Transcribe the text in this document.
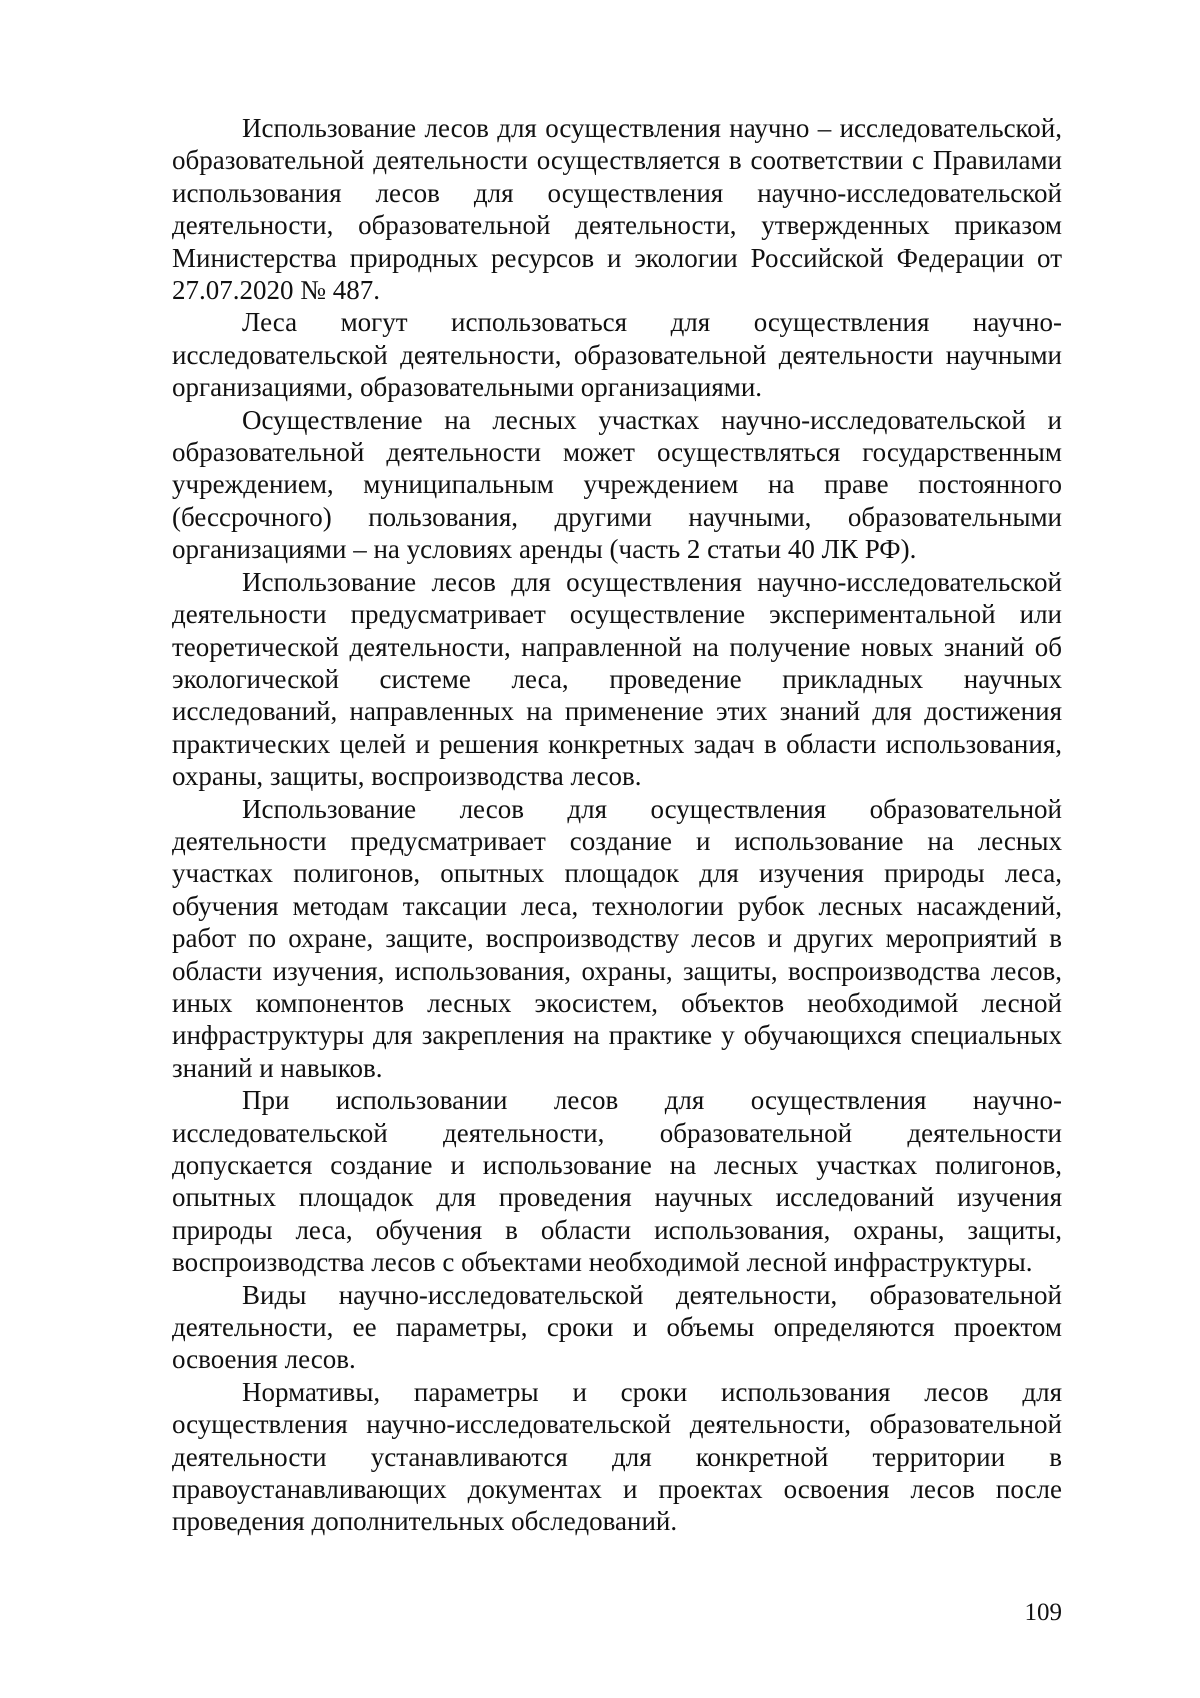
Использование лесов для осуществления научно – исследовательской, образовательной деятельности осуществляется в соответствии с Правилами использования лесов для осуществления научно-исследовательской деятельности, образовательной деятельности, утвержденных приказом Министерства природных ресурсов и экологии Российской Федерации от 27.07.2020 № 487.

Леса могут использоваться для осуществления научно-исследовательской деятельности, образовательной деятельности научными организациями, образовательными организациями.

Осуществление на лесных участках научно-исследовательской и образовательной деятельности может осуществляться государственным учреждением, муниципальным учреждением на праве постоянного (бессрочного) пользования, другими научными, образовательными организациями – на условиях аренды (часть 2 статьи 40 ЛК РФ).

Использование лесов для осуществления научно-исследовательской деятельности предусматривает осуществление экспериментальной или теоретической деятельности, направленной на получение новых знаний об экологической системе леса, проведение прикладных научных исследований, направленных на применение этих знаний для достижения практических целей и решения конкретных задач в области использования, охраны, защиты, воспроизводства лесов.

Использование лесов для осуществления образовательной деятельности предусматривает создание и использование на лесных участках полигонов, опытных площадок для изучения природы леса, обучения методам таксации леса, технологии рубок лесных насаждений, работ по охране, защите, воспроизводству лесов и других мероприятий в области изучения, использования, охраны, защиты, воспроизводства лесов, иных компонентов лесных экосистем, объектов необходимой лесной инфраструктуры для закрепления на практике у обучающихся специальных знаний и навыков.

При использовании лесов для осуществления научно-исследовательской деятельности, образовательной деятельности допускается создание и использование на лесных участках полигонов, опытных площадок для проведения научных исследований изучения природы леса, обучения в области использования, охраны, защиты, воспроизводства лесов с объектами необходимой лесной инфраструктуры.

Виды научно-исследовательской деятельности, образовательной деятельности, ее параметры, сроки и объемы определяются проектом освоения лесов.

Нормативы, параметры и сроки использования лесов для осуществления научно-исследовательской деятельности, образовательной деятельности устанавливаются для конкретной территории в правоустанавливающих документах и проектах освоения лесов после проведения дополнительных обследований.

109
